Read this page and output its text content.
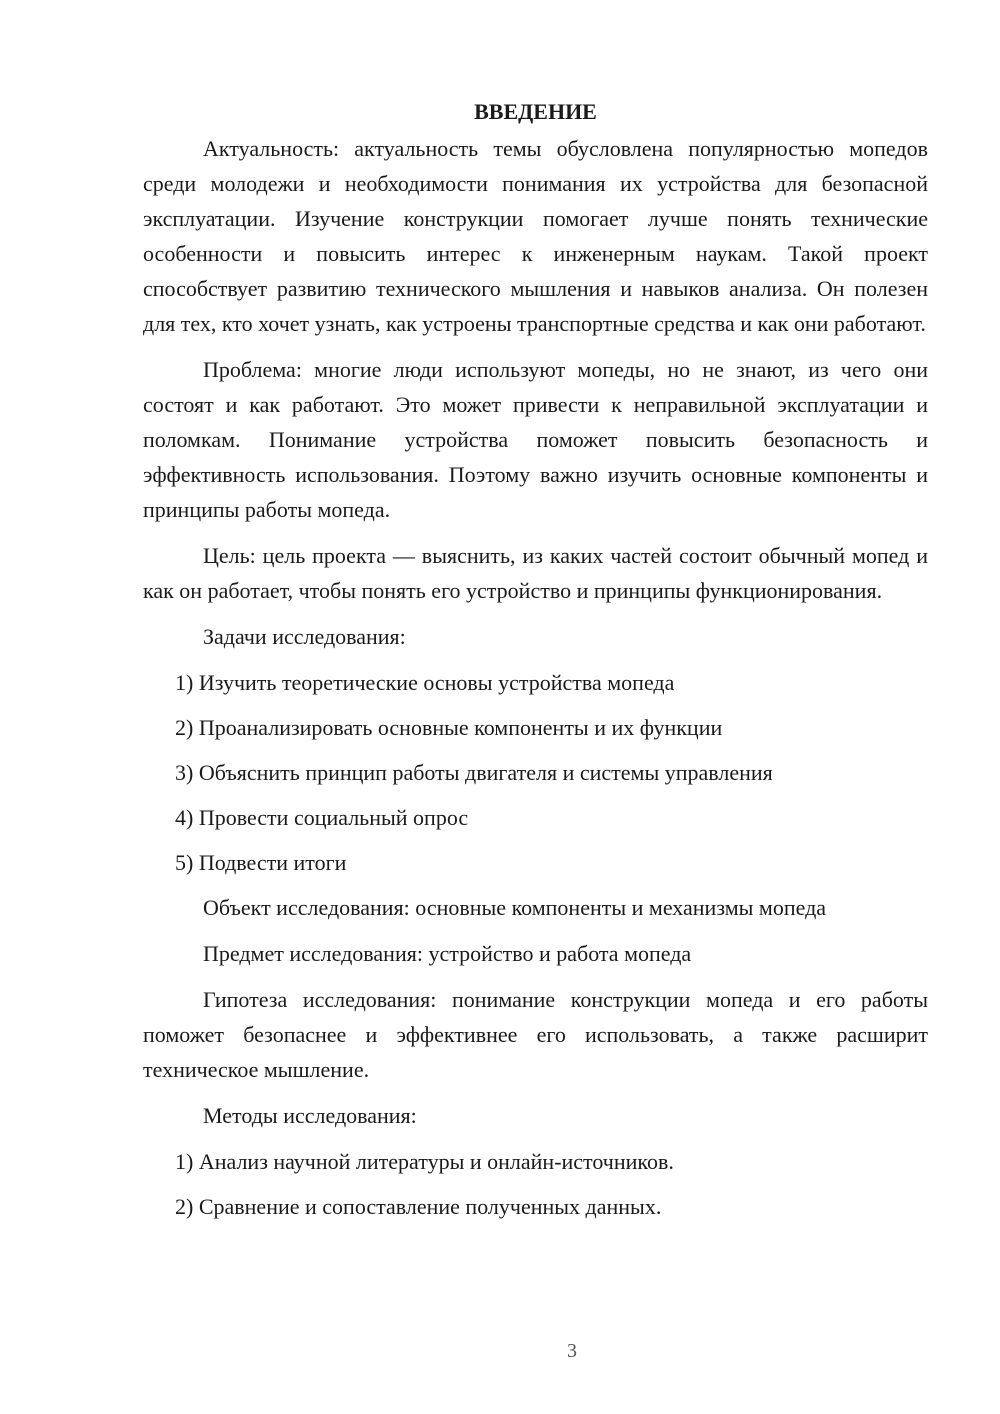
ВВЕДЕНИЕ

Актуальность: актуальность темы обусловлена популярностью мопедов среди молодежи и необходимости понимания их устройства для безопасной эксплуатации. Изучение конструкции помогает лучше понять технические особенности и повысить интерес к инженерным наукам. Такой проект способствует развитию технического мышления и навыков анализа. Он полезен для тех, кто хочет узнать, как устроены транспортные средства и как они работают.

Проблема: многие люди используют мопеды, но не знают, из чего они состоят и как работают. Это может привести к неправильной эксплуатации и поломкам. Понимание устройства поможет повысить безопасность и эффективность использования. Поэтому важно изучить основные компоненты и принципы работы мопеда.

Цель: цель проекта — выяснить, из каких частей состоит обычный мопед и как он работает, чтобы понять его устройство и принципы функционирования.

Задачи исследования:
1) Изучить теоретические основы устройства мопеда
2) Проанализировать основные компоненты и их функции
3) Объяснить принцип работы двигателя и системы управления
4) Провести социальный опрос
5) Подвести итоги
Объект исследования: основные компоненты и механизмы мопеда
Предмет исследования: устройство и работа мопеда

Гипотеза исследования: понимание конструкции мопеда и его работы поможет безопаснее и эффективнее его использовать, а также расширит техническое мышление.

Методы исследования:
1) Анализ научной литературы и онлайн-источников.
2) Сравнение и сопоставление полученных данных.
3
